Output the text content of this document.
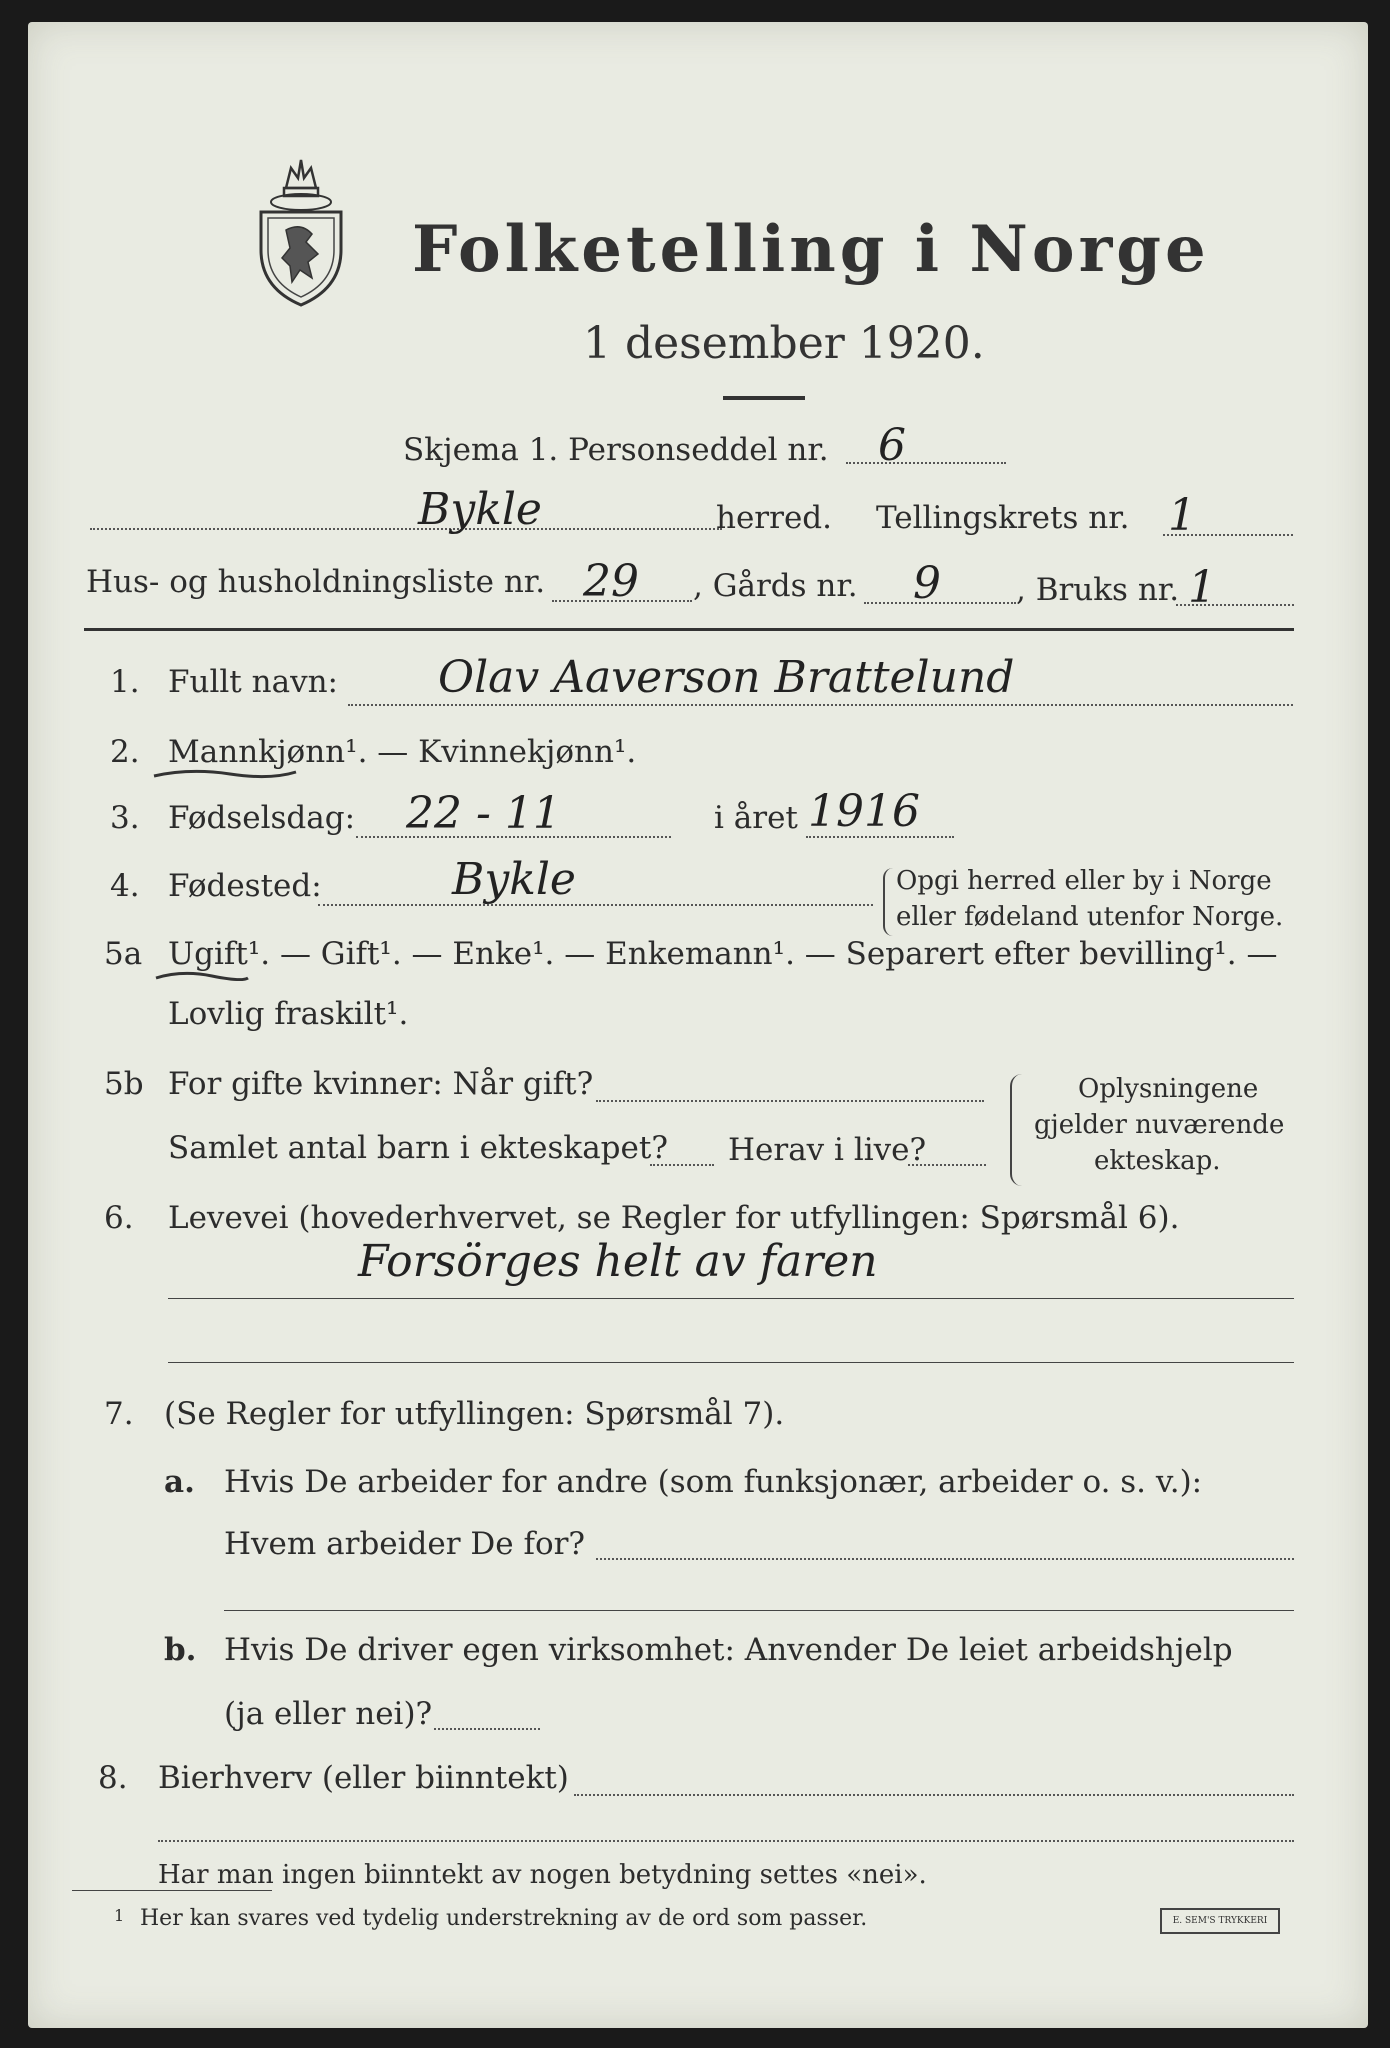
Folketelling i Norge
1 desember 1920.
Skjema 1. Personseddel nr. 6
Bykle	herred. Tellingskrets nr. 1
Hus- og husholdningsliste nr. 29 , Gårds nr. 9 , Bruks nr. 1
1. Fullt navn: Olav Aaverson Brattelund
2. Mannkjønn¹. — Kvinnekjønn¹.
3. Fødselsdag: 22 - 11	i året 1916
4. Fødested:	Bykle	Opgi herred eller by i Norge
eller fødeland utenfor Norge.
5a Ugift¹. — Gift¹. — Enke¹. — Enkemann¹. — Separert efter bevilling¹. —
Lovlig fraskilt¹.
5b For gifte kvinner: Når gift?
Samlet antal barn i ekteskapet? Herav i live?
Oplysningene
gjelder nuværende
ekteskap.
6. Levevei (hovederhvervet, se Regler for utfyllingen: Spørsmål 6).
Forsörges helt av faren
7. (Se Regler for utfyllingen: Spørsmål 7).
a. Hvis De arbeider for andre (som funksjonær, arbeider o. s. v.):
Hvem arbeider De for?
b. Hvis De driver egen virksomhet: Anvender De leiet arbeidshjelp
(ja eller nei)?
8. Bierhverv (eller biinntekt)
Har man ingen biinntekt av nogen betydning settes «nei».
1 Her kan svares ved tydelig understrekning av de ord som passer.	E. SEM'S TRYKKERI
